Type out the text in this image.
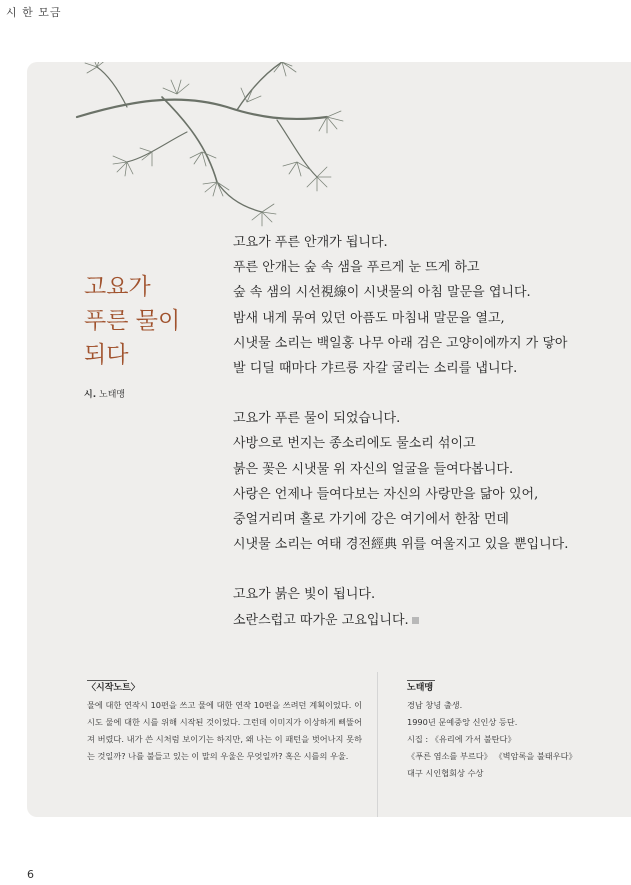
시 한 모금
고요가
푸른 물이
되다
시. 노태맹
고요가 푸른 안개가 됩니다.
푸른 안개는 숲 속 샘을 푸르게 눈 뜨게 하고
숲 속 샘의 시선視線이 시냇물의 아침 말문을 엽니다.
밤새 내게 묶여 있던 아픔도 마침내 말문을 열고,
시냇물 소리는 백일홍 나무 아래 검은 고양이에까지 가 닿아
발 디딜 때마다 갸르릉 자갈 굴리는 소리를 냅니다.
고요가 푸른 물이 되었습니다.
사방으로 번지는 종소리에도 물소리 섞이고
붉은 꽃은 시냇물 위 자신의 얼굴을 들여다봅니다.
사랑은 언제나 들여다보는 자신의 사랑만을 닮아 있어,
중얼거리며 홀로 가기에 강은 여기에서 한참 먼데
시냇물 소리는 여태 경전經典 위를 여울지고 있을 뿐입니다.
고요가 붉은 빛이 됩니다.
소란스럽고 따가운 고요입니다.
〈시작노트〉
물에 대한 연작시 10편을 쓰고 물에 대한 연작 10편을 쓰려던 계획이었다. 이 시도 물에 대한 시를 위해 시작된 것이었다. 그런데 이미지가 이상하게 삐뚤어져 버렸다. 내가 쓴 시처럼 보이기는 하지만, 왜 나는 이 패턴을 벗어나지 못하는 것일까? 나를 불들고 있는 이 말의 우울은 무엇일까? 혹은 시를의 우울.
노태맹
경남 창녕 출생.
1990년 문예중앙 신인상 등단.
시집 : 《유리에 가서 불탄다》
《푸른 염소를 부르다》 《벽암록을 불태우다》
대구 시인협회상 수상
6
